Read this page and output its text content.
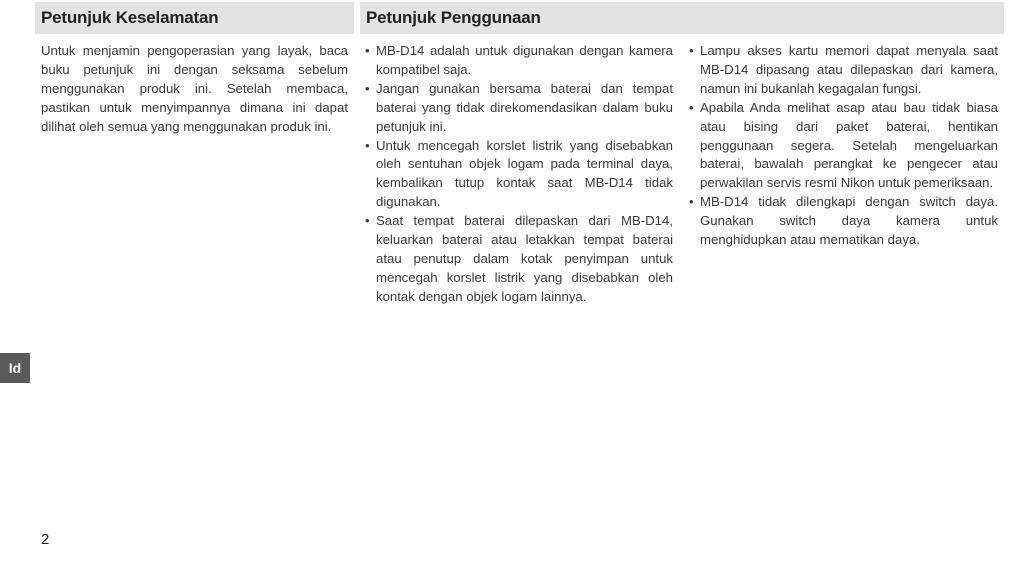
Petunjuk Keselamatan	Petunjuk Penggunaan
Untuk menjamin pengoperasian yang layak, baca buku petunjuk ini dengan seksama sebelum menggunakan produk ini. Setelah membaca, pastikan untuk menyimpannya dimana ini dapat dilihat oleh semua yang menggunakan produk ini.
• MB-D14 adalah untuk digunakan dengan kamera kompatibel saja.
• Jangan gunakan bersama baterai dan tempat baterai yang tidak direkomendasikan dalam buku petunjuk ini.
• Untuk mencegah korslet listrik yang disebabkan oleh sentuhan objek logam pada terminal daya, kembalikan tutup kontak saat MB-D14 tidak digunakan.
• Saat tempat baterai dilepaskan dari MB-D14, keluarkan baterai atau letakkan tempat baterai atau penutup dalam kotak penyimpan untuk mencegah korslet listrik yang disebabkan oleh kontak dengan objek logam lainnya.
• Lampu akses kartu memori dapat menyala saat MB-D14 dipasang atau dilepaskan dari kamera, namun ini bukanlah kegagalan fungsi.
• Apabila Anda melihat asap atau bau tidak biasa atau bising dari paket baterai, hentikan penggunaan segera. Setelah mengeluarkan baterai, bawalah perangkat ke pengecer atau perwakilan servis resmi Nikon untuk pemeriksaan.
• MB-D14 tidak dilengkapi dengan switch daya. Gunakan switch daya kamera untuk menghidupkan atau mematikan daya.
Id
2
